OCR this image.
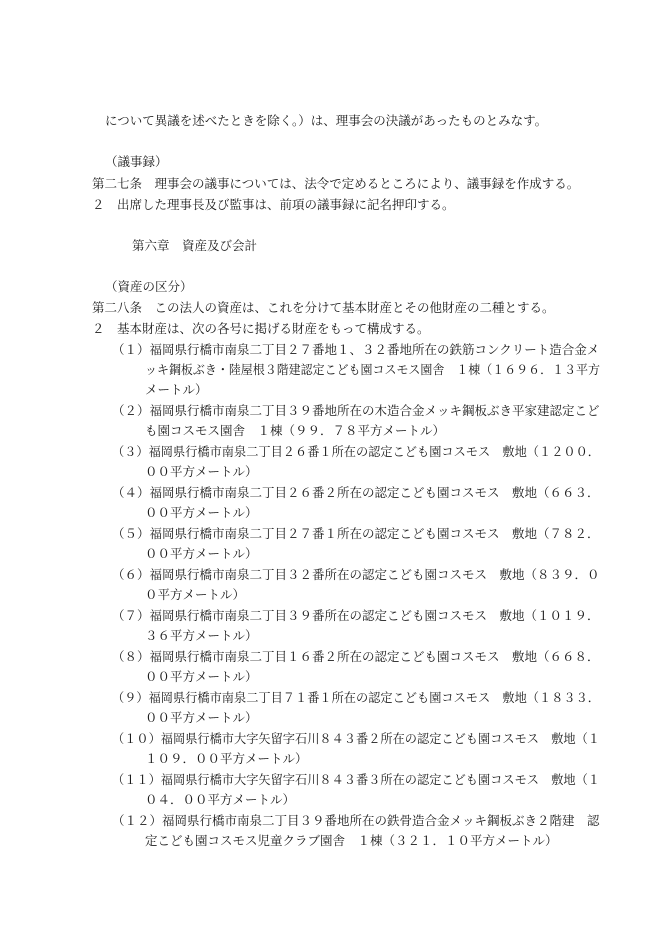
について異議を述べたときを除く。）は、理事会の決議があったものとみなす。
（議事録）
第二七条　理事会の議事については、法令で定めるところにより、議事録を作成する。
２　出席した理事長及び監事は、前項の議事録に記名押印する。
第六章　資産及び会計
（資産の区分）
第二八条　この法人の資産は、これを分けて基本財産とその他財産の二種とする。
２　基本財産は、次の各号に掲げる財産をもって構成する。
（１）福岡県行橋市南泉二丁目２７番地１、３２番地所在の鉄筋コンクリート造合金メ
ッキ鋼板ぶき・陸屋根３階建認定こども園コスモス園舎　１棟（１６９６．１３平方
メートル）
（２）福岡県行橋市南泉二丁目３９番地所在の木造合金メッキ鋼板ぶき平家建認定こど
も園コスモス園舎　１棟（９９．７８平方メートル）
（３）福岡県行橋市南泉二丁目２６番１所在の認定こども園コスモス　敷地（１２００．
００平方メートル）
（４）福岡県行橋市南泉二丁目２６番２所在の認定こども園コスモス　敷地（６６３．
００平方メートル）
（５）福岡県行橋市南泉二丁目２７番１所在の認定こども園コスモス　敷地（７８２．
００平方メートル）
（６）福岡県行橋市南泉二丁目３２番所在の認定こども園コスモス　敷地（８３９．０
０平方メートル）
（７）福岡県行橋市南泉二丁目３９番所在の認定こども園コスモス　敷地（１０１９．
３６平方メートル）
（８）福岡県行橋市南泉二丁目１６番２所在の認定こども園コスモス　敷地（６６８．
００平方メートル）
（９）福岡県行橋市南泉二丁目７１番１所在の認定こども園コスモス　敷地（１８３３．
００平方メートル）
（１０）福岡県行橋市大字矢留字石川８４３番２所在の認定こども園コスモス　敷地（１
１０９．００平方メートル）
（１１）福岡県行橋市大字矢留字石川８４３番３所在の認定こども園コスモス　敷地（１
０４．００平方メートル）
（１２）福岡県行橋市南泉二丁目３９番地所在の鉄骨造合金メッキ鋼板ぶき２階建　認
定こども園コスモス児童クラブ園舎　１棟（３２１．１０平方メートル）
